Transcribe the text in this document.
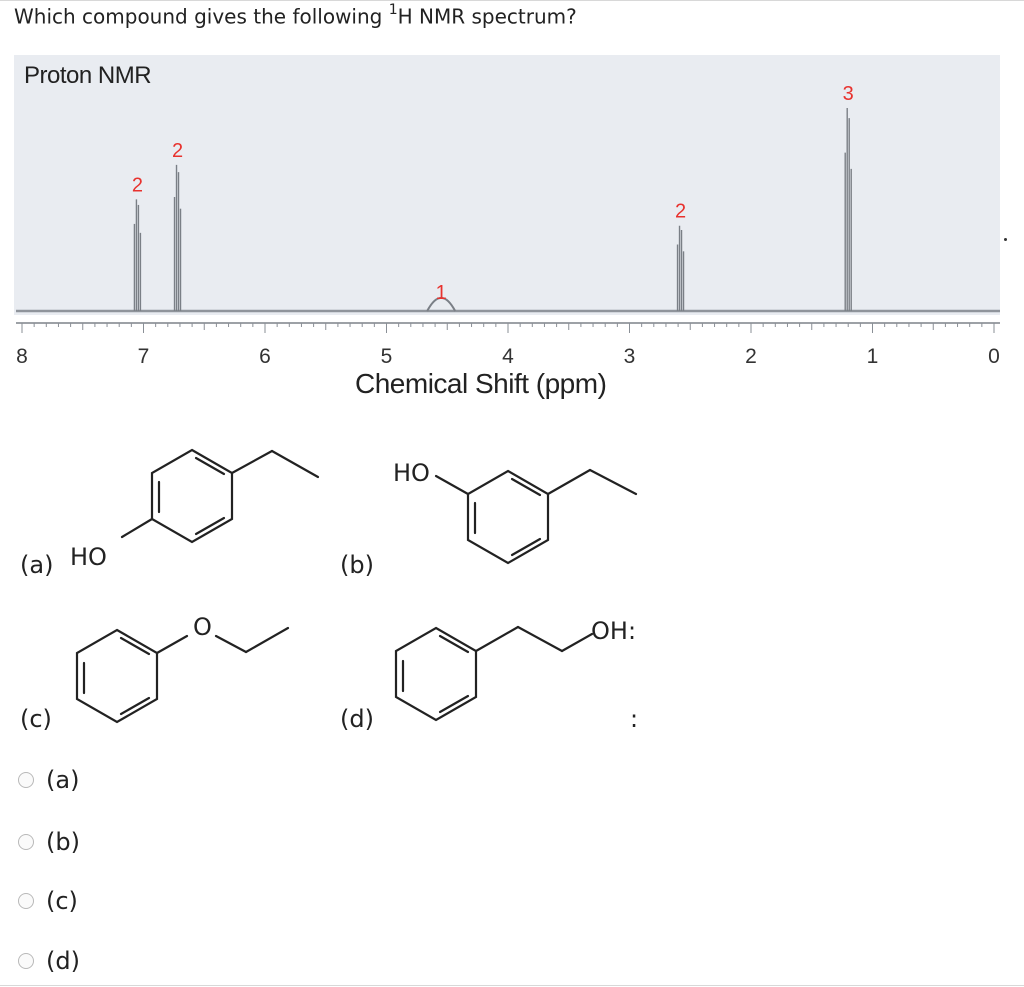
Which compound gives the following $^1$H NMR spectrum?
Proton NMR
2
2
1
2
3
8	7	6	5	4	3	2	1	0
Chemical Shift (ppm)
(a) HO
HO
(b)
O
(c)
OH:
(d)	:
(a)
(b)
(c)
(d)
